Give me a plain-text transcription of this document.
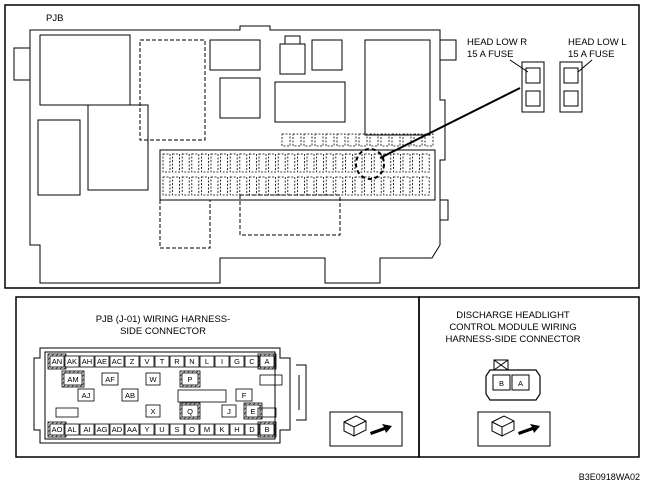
PJB
HEAD LOW R
15 A FUSE
HEAD LOW L
15 A FUSE
PJB (J-01) WIRING HARNESS-
SIDE CONNECTOR
AN AK AH AE AC Z V T R N L I G C A
AO AL AI AG AD AA Y U S O M K H D B
AM	AF	W	P
AJ	AB	F
X	Q	J	E
DISCHARGE HEADLIGHT
CONTROL MODULE WIRING
HARNESS-SIDE CONNECTOR
B A
B3E0918WA02
